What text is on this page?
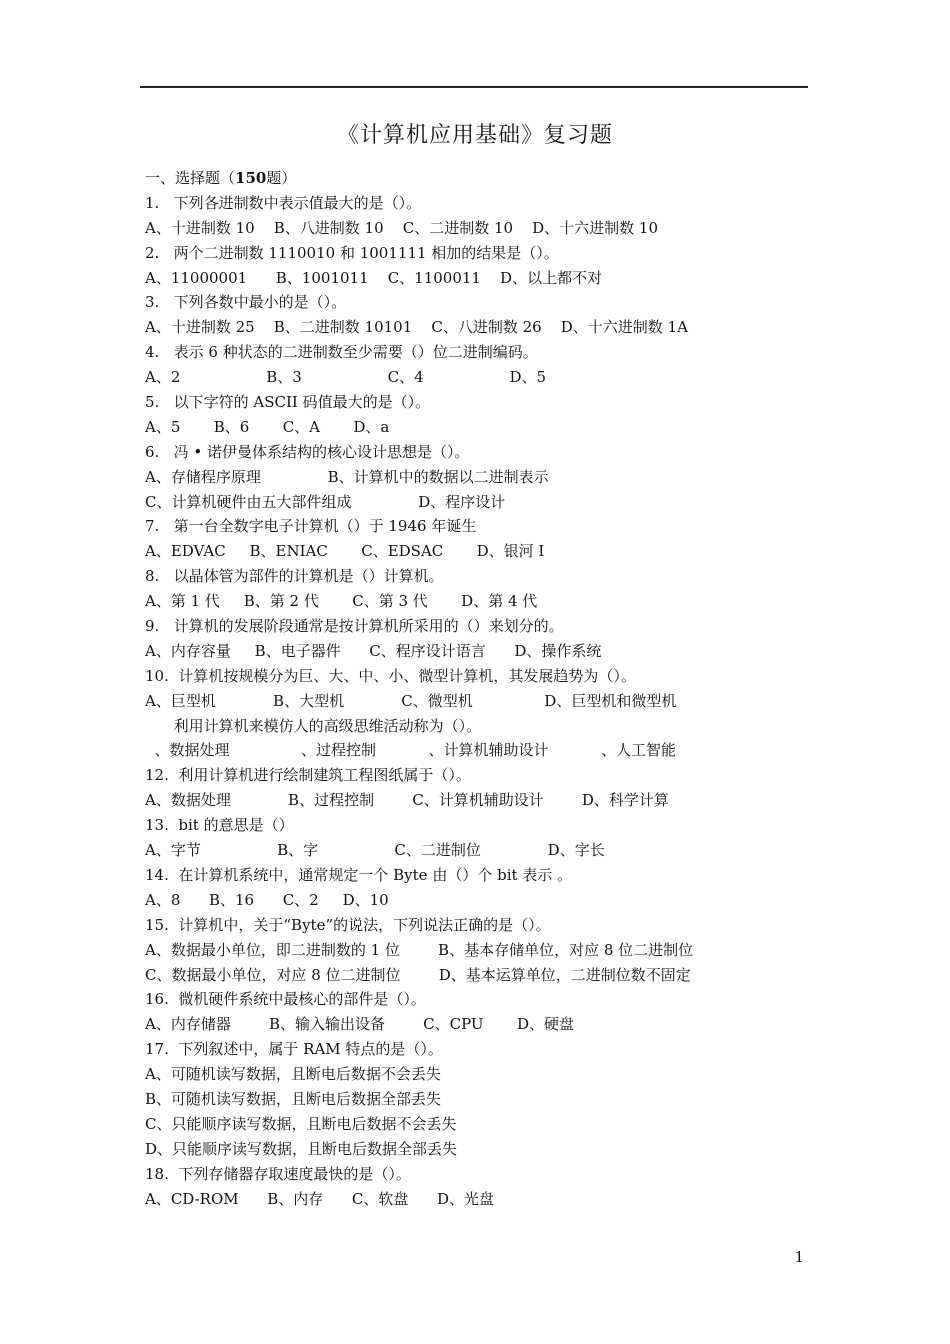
《计算机应用基础》复习题
一、选择题（150题）
1.   下列各进制数中表示值最大的是（）。
A、十进制数 10    B、八进制数 10    C、二进制数 10    D、十六进制数 10
2.   两个二进制数 1110010 和 1001111 相加的结果是（）。
A、11000001      B、1001011    C、1100011    D、以上都不对
3.   下列各数中最小的是（）。
A、十进制数 25    B、二进制数 10101    C、八进制数 26    D、十六进制数 1A
4.   表示 6 种状态的二进制数至少需要（）位二进制编码。
A、2                  B、3                  C、4                  D、5
5.   以下字符的 ASCII 码值最大的是（）。
A、5       B、6       C、A       D、a
6.   冯 • 诺伊曼体系结构的核心设计思想是（）。
A、存储程序原理              B、计算机中的数据以二进制表示
C、计算机硬件由五大部件组成              D、程序设计
7.   第一台全数字电子计算机（）于 1946 年诞生
A、EDVAC     B、ENIAC       C、EDSAC       D、银河 I
8.   以晶体管为部件的计算机是（）计算机。
A、第 1 代     B、第 2 代       C、第 3 代       D、第 4 代
9.   计算机的发展阶段通常是按计算机所采用的（）来划分的。
A、内存容量     B、电子器件      C、程序设计语言      D、操作系统
10.  计算机按规模分为巨、大、中、小、微型计算机，其发展趋势为（）。
A、巨型机            B、大型机            C、微型机               D、巨型机和微型机
利用计算机来模仿人的高级思维活动称为（）。
、数据处理               、过程控制           、计算机辅助设计           、人工智能
12.  利用计算机进行绘制建筑工程图纸属于（）。
A、数据处理            B、过程控制        C、计算机辅助设计        D、科学计算
13.  bit 的意思是（）
A、字节                B、字                C、二进制位              D、字长
14.  在计算机系统中，通常规定一个 Byte 由（）个 bit 表示 。
A、8      B、16      C、2     D、10
15.  计算机中，关于“Byte”的说法，下列说法正确的是（）。
A、数据最小单位，即二进制数的 1 位        B、基本存储单位，对应 8 位二进制位
C、数据最小单位，对应 8 位二进制位        D、基本运算单位，二进制位数不固定
16.  微机硬件系统中最核心的部件是（）。
A、内存储器        B、输入输出设备        C、CPU       D、硬盘
17.  下列叙述中，属于 RAM 特点的是（）。
A、可随机读写数据，且断电后数据不会丢失
B、可随机读写数据，且断电后数据全部丢失
C、只能顺序读写数据，且断电后数据不会丢失
D、只能顺序读写数据，且断电后数据全部丢失
18.  下列存储器存取速度最快的是（）。
A、CD-ROM      B、内存      C、软盘      D、光盘
1
